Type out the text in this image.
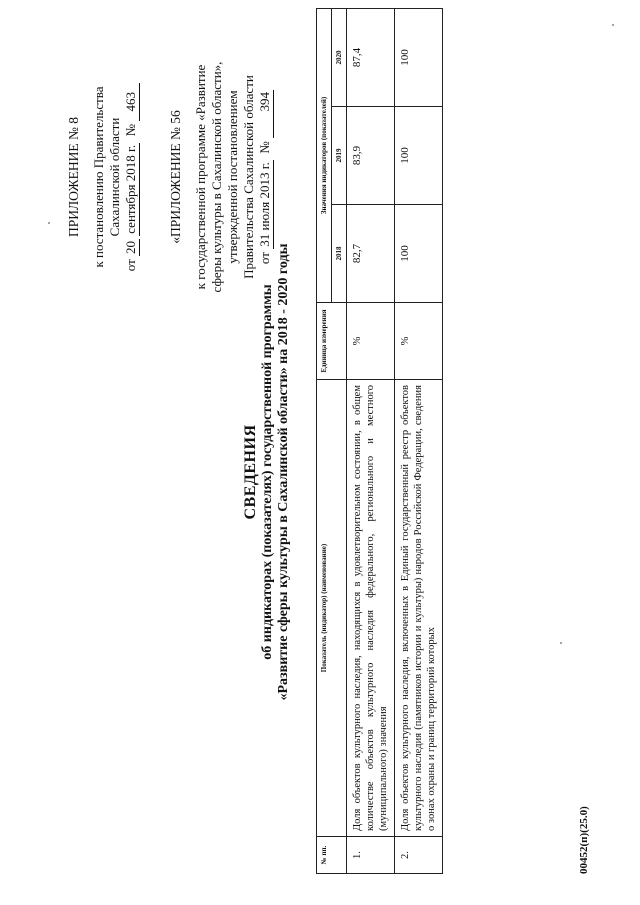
ПРИЛОЖЕНИЕ № 8 к постановлению Правительства Сахалинской области
от 20 сентября 2018 г.  № 463
«ПРИЛОЖЕНИЕ № 56 к государственной программе «Развитие сферы культуры в Сахалинской области», утвержденной постановлением Правительства Сахалинской области от 31 июля 2013 г.  № 394
СВЕДЕНИЯ об индикаторах (показателях) государственной программы «Развитие сферы культуры в Сахалинской области» на 2018 - 2020 годы
№ пп.	Показатель (индикатор) (наименование)	Единица измерения	Значения индикаторов (показателей)		
			2018	2019	2020
1.	Доля объектов культурного наследия, находящихся в удовлетворительном состоянии, в общем количестве объектов культурного наследия федерального, регионального и местного (муниципального) значения	%	82,7	83,9	87,4
2.	Доля объектов культурного наследия, включенных в Единый государственный реестр объектов культурного наследия (памятников истории и культуры) народов Российской Федерации, сведения о зонах охраны и границ территорий которых	%	100	100	100
00452(п)(25.0)
